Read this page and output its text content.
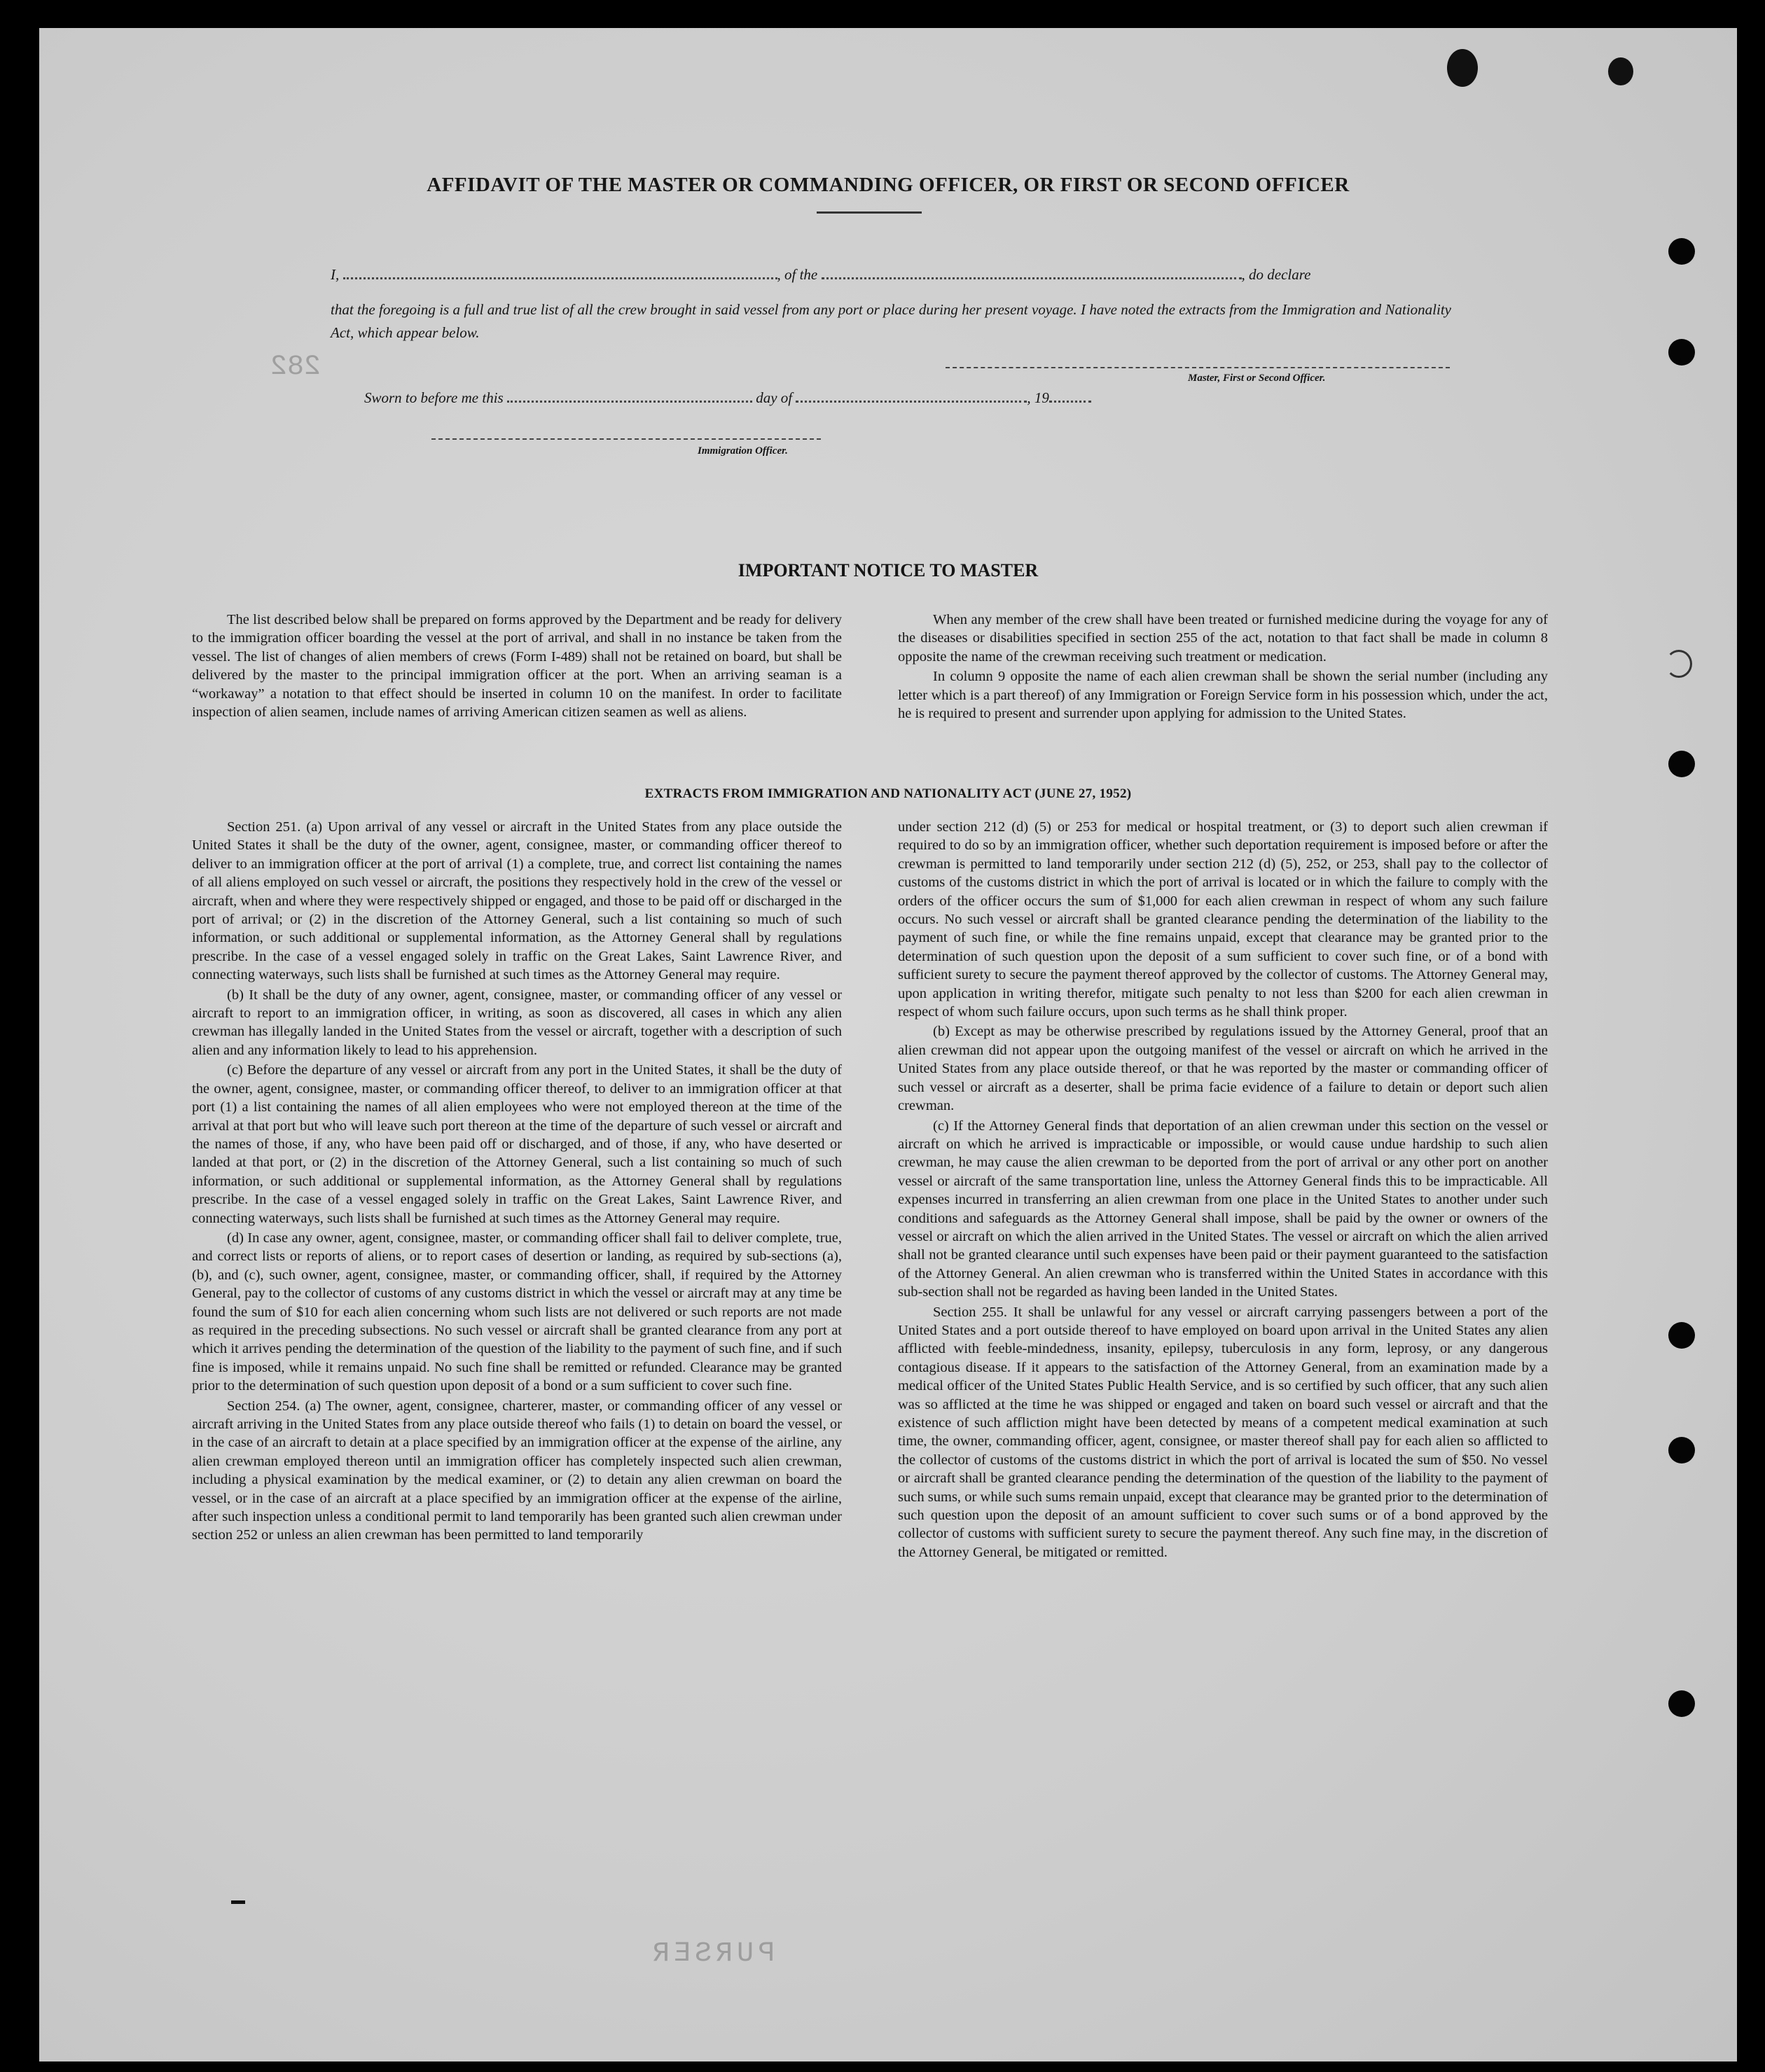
282
PURSER
AFFIDAVIT OF THE MASTER OR COMMANDING OFFICER, OR FIRST OR SECOND OFFICER
I,	, of the	, do declare
that the foregoing is a full and true list of all the crew brought in said vessel from any port or place during her present voyage. I have noted the extracts from the Immigration and Nationality Act, which appear below.
Master, First or Second Officer.
Sworn to before me this	day of	, 19
Immigration Officer.
IMPORTANT NOTICE TO MASTER

The list described below shall be prepared on forms approved by the Department and be ready for delivery to the immigration officer boarding the vessel at the port of arrival, and shall in no instance be taken from the vessel. The list of changes of alien members of crews (Form I-489) shall not be retained on board, but shall be delivered by the master to the principal immigration officer at the port. When an arriving seaman is a “workaway” a notation to that effect should be inserted in column 10 on the manifest. In order to facilitate inspection of alien seamen, include names of arriving American citizen seamen as well as aliens.

When any member of the crew shall have been treated or furnished medicine during the voyage for any of the diseases or disabilities specified in section 255 of the act, notation to that fact shall be made in column 8 opposite the name of the crewman receiving such treatment or medication.

In column 9 opposite the name of each alien crewman shall be shown the serial number (including any letter which is a part thereof) of any Immigration or Foreign Service form in his possession which, under the act, he is required to present and surrender upon applying for admission to the United States.

EXTRACTS FROM IMMIGRATION AND NATIONALITY ACT (JUNE 27, 1952)

Section 251. (a) Upon arrival of any vessel or aircraft in the United States from any place outside the United States it shall be the duty of the owner, agent, consignee, master, or commanding officer thereof to deliver to an immigration officer at the port of arrival (1) a complete, true, and correct list containing the names of all aliens employed on such vessel or aircraft, the positions they respectively hold in the crew of the vessel or aircraft, when and where they were respectively shipped or engaged, and those to be paid off or discharged in the port of arrival; or (2) in the discretion of the Attorney General, such a list containing so much of such information, or such additional or supplemental information, as the Attorney General shall by regulations prescribe. In the case of a vessel engaged solely in traffic on the Great Lakes, Saint Lawrence River, and connecting waterways, such lists shall be furnished at such times as the Attorney General may require.

(b) It shall be the duty of any owner, agent, consignee, master, or commanding officer of any vessel or aircraft to report to an immigration officer, in writing, as soon as discovered, all cases in which any alien crewman has illegally landed in the United States from the vessel or aircraft, together with a description of such alien and any information likely to lead to his apprehension.

(c) Before the departure of any vessel or aircraft from any port in the United States, it shall be the duty of the owner, agent, consignee, master, or commanding officer thereof, to deliver to an immigration officer at that port (1) a list containing the names of all alien employees who were not employed thereon at the time of the arrival at that port but who will leave such port thereon at the time of the departure of such vessel or aircraft and the names of those, if any, who have been paid off or discharged, and of those, if any, who have deserted or landed at that port, or (2) in the discretion of the Attorney General, such a list containing so much of such information, or such additional or supplemental information, as the Attorney General shall by regulations prescribe. In the case of a vessel engaged solely in traffic on the Great Lakes, Saint Lawrence River, and connecting waterways, such lists shall be furnished at such times as the Attorney General may require.

(d) In case any owner, agent, consignee, master, or commanding officer shall fail to deliver complete, true, and correct lists or reports of aliens, or to report cases of desertion or landing, as required by sub-sections (a), (b), and (c), such owner, agent, consignee, master, or commanding officer, shall, if required by the Attorney General, pay to the collector of customs of any customs district in which the vessel or aircraft may at any time be found the sum of $10 for each alien concerning whom such lists are not delivered or such reports are not made as required in the preceding subsections. No such vessel or aircraft shall be granted clearance from any port at which it arrives pending the determination of the question of the liability to the payment of such fine, and if such fine is imposed, while it remains unpaid. No such fine shall be remitted or refunded. Clearance may be granted prior to the determination of such question upon deposit of a bond or a sum sufficient to cover such fine.

Section 254. (a) The owner, agent, consignee, charterer, master, or commanding officer of any vessel or aircraft arriving in the United States from any place outside thereof who fails (1) to detain on board the vessel, or in the case of an aircraft to detain at a place specified by an immigration officer at the expense of the airline, any alien crewman employed thereon until an immigration officer has completely inspected such alien crewman, including a physical examination by the medical examiner, or (2) to detain any alien crewman on board the vessel, or in the case of an aircraft at a place specified by an immigration officer at the expense of the airline, after such inspection unless a conditional permit to land temporarily has been granted such alien crewman under section 252 or unless an alien crewman has been permitted to land temporarily

under section 212 (d) (5) or 253 for medical or hospital treatment, or (3) to deport such alien crewman if required to do so by an immigration officer, whether such deportation requirement is imposed before or after the crewman is permitted to land temporarily under section 212 (d) (5), 252, or 253, shall pay to the collector of customs of the customs district in which the port of arrival is located or in which the failure to comply with the orders of the officer occurs the sum of $1,000 for each alien crewman in respect of whom any such failure occurs. No such vessel or aircraft shall be granted clearance pending the determination of the liability to the payment of such fine, or while the fine remains unpaid, except that clearance may be granted prior to the determination of such question upon the deposit of a sum sufficient to cover such fine, or of a bond with sufficient surety to secure the payment thereof approved by the collector of customs. The Attorney General may, upon application in writing therefor, mitigate such penalty to not less than $200 for each alien crewman in respect of whom such failure occurs, upon such terms as he shall think proper.

(b) Except as may be otherwise prescribed by regulations issued by the Attorney General, proof that an alien crewman did not appear upon the outgoing manifest of the vessel or aircraft on which he arrived in the United States from any place outside thereof, or that he was reported by the master or commanding officer of such vessel or aircraft as a deserter, shall be prima facie evidence of a failure to detain or deport such alien crewman.

(c) If the Attorney General finds that deportation of an alien crewman under this section on the vessel or aircraft on which he arrived is impracticable or impossible, or would cause undue hardship to such alien crewman, he may cause the alien crewman to be deported from the port of arrival or any other port on another vessel or aircraft of the same transportation line, unless the Attorney General finds this to be impracticable. All expenses incurred in transferring an alien crewman from one place in the United States to another under such conditions and safeguards as the Attorney General shall impose, shall be paid by the owner or owners of the vessel or aircraft on which the alien arrived in the United States. The vessel or aircraft on which the alien arrived shall not be granted clearance until such expenses have been paid or their payment guaranteed to the satisfaction of the Attorney General. An alien crewman who is transferred within the United States in accordance with this sub-section shall not be regarded as having been landed in the United States.

Section 255. It shall be unlawful for any vessel or aircraft carrying passengers between a port of the United States and a port outside thereof to have employed on board upon arrival in the United States any alien afflicted with feeble-mindedness, insanity, epilepsy, tuberculosis in any form, leprosy, or any dangerous contagious disease. If it appears to the satisfaction of the Attorney General, from an examination made by a medical officer of the United States Public Health Service, and is so certified by such officer, that any such alien was so afflicted at the time he was shipped or engaged and taken on board such vessel or aircraft and that the existence of such affliction might have been detected by means of a competent medical examination at such time, the owner, commanding officer, agent, consignee, or master thereof shall pay for each alien so afflicted to the collector of customs of the customs district in which the port of arrival is located the sum of $50. No vessel or aircraft shall be granted clearance pending the determination of the question of the liability to the payment of such sums, or while such sums remain unpaid, except that clearance may be granted prior to the determination of such question upon the deposit of an amount sufficient to cover such sums or of a bond approved by the collector of customs with sufficient surety to secure the payment thereof. Any such fine may, in the discretion of the Attorney General, be mitigated or remitted.
